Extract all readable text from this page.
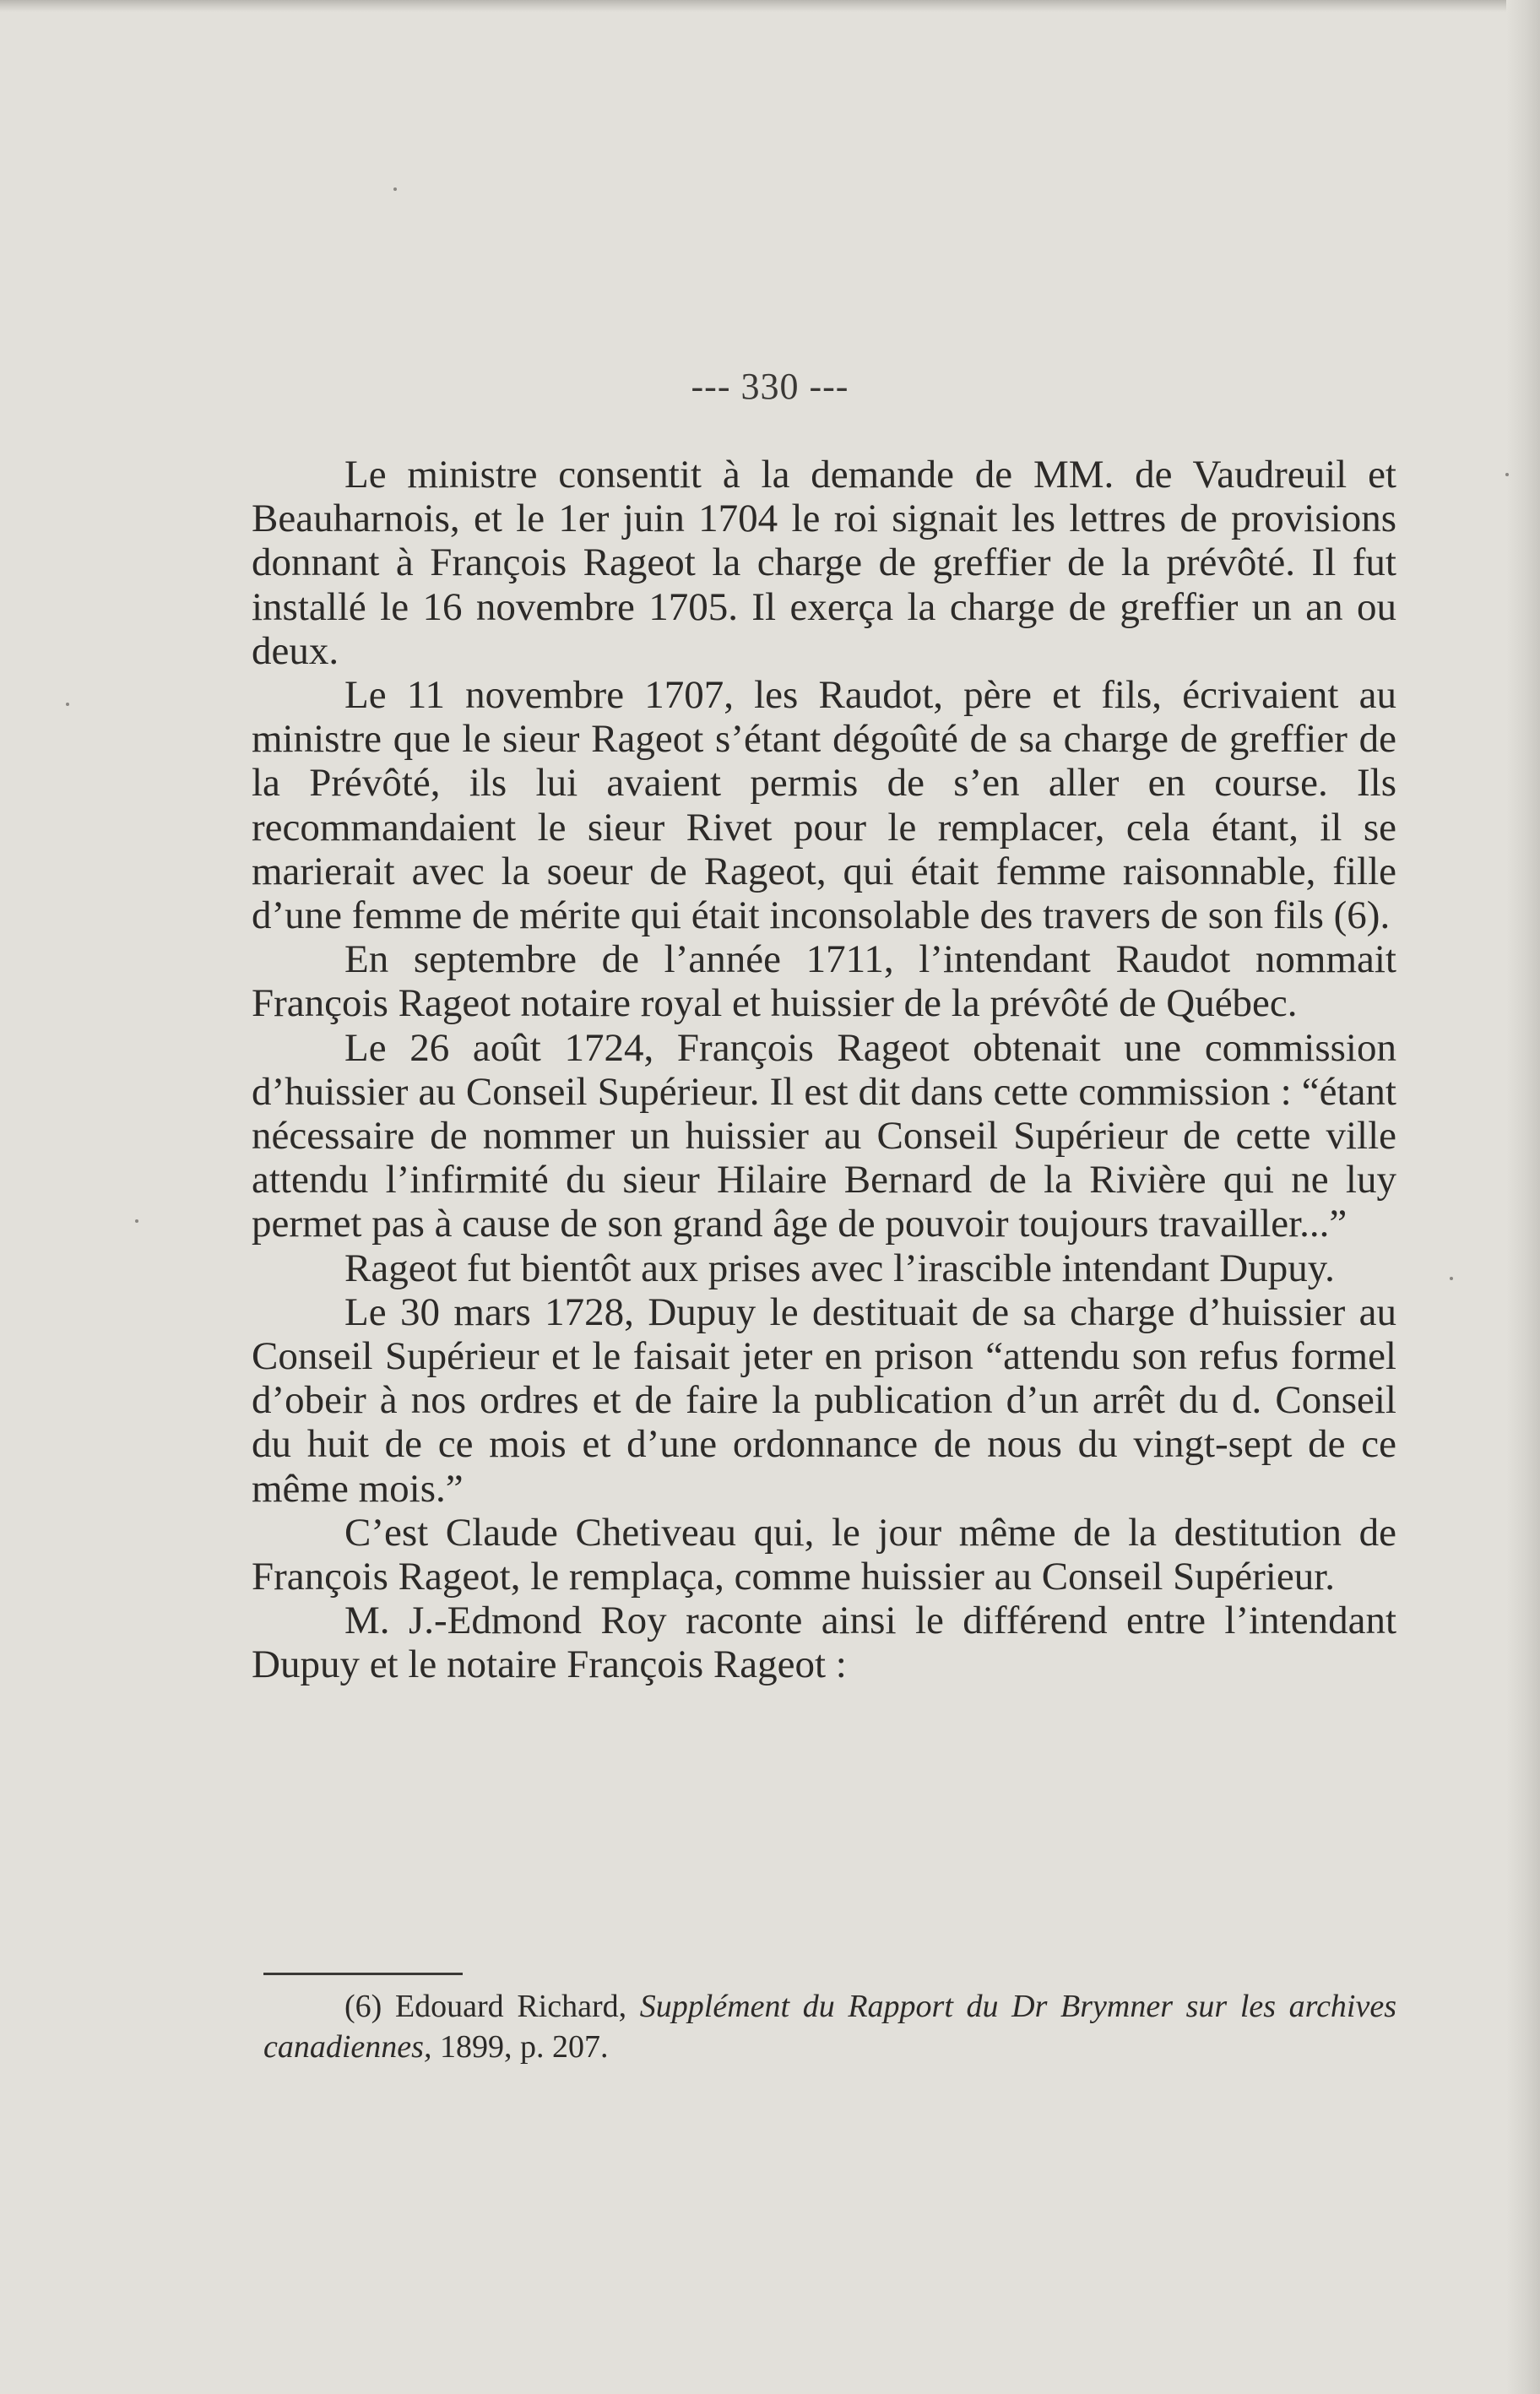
--- 330 ---

Le ministre consentit à la demande de MM. de Vaudreuil et Beauharnois, et le 1er juin 1704 le roi signait les lettres de provisions donnant à François Rageot la charge de greffier de la prévôté. Il fut installé le 16 novembre 1705. Il exerça la charge de greffier un an ou deux.

Le 11 novembre 1707, les Raudot, père et fils, écrivaient au ministre que le sieur Rageot s’étant dégoûté de sa charge de greffier de la Prévôté, ils lui avaient permis de s’en aller en course. Ils recommandaient le sieur Rivet pour le remplacer, cela étant, il se marierait avec la soeur de Rageot, qui était femme raisonnable, fille d’une femme de mérite qui était inconsolable des travers de son fils (6).

En septembre de l’année 1711, l’intendant Raudot nommait François Rageot notaire royal et huissier de la prévôté de Québec.

Le 26 août 1724, François Rageot obtenait une commission d’huissier au Conseil Supérieur. Il est dit dans cette commission : “étant nécessaire de nommer un huissier au Conseil Supérieur de cette ville attendu l’infirmité du sieur Hilaire Bernard de la Rivière qui ne luy permet pas à cause de son grand âge de pouvoir toujours travailler...”

Rageot fut bientôt aux prises avec l’irascible intendant Dupuy.

Le 30 mars 1728, Dupuy le destituait de sa charge d’huissier au Conseil Supérieur et le faisait jeter en prison “attendu son refus formel d’obeir à nos ordres et de faire la publication d’un arrêt du d. Conseil du huit de ce mois et d’une ordonnance de nous du vingt-sept de ce même mois.”

C’est Claude Chetiveau qui, le jour même de la destitution de François Rageot, le remplaça, comme huissier au Conseil Supérieur.

M. J.-Edmond Roy raconte ainsi le différend entre l’intendant Dupuy et le notaire François Rageot :

(6) Edouard Richard, Supplément du Rapport du Dr Brymner sur les archives canadiennes, 1899, p. 207.
